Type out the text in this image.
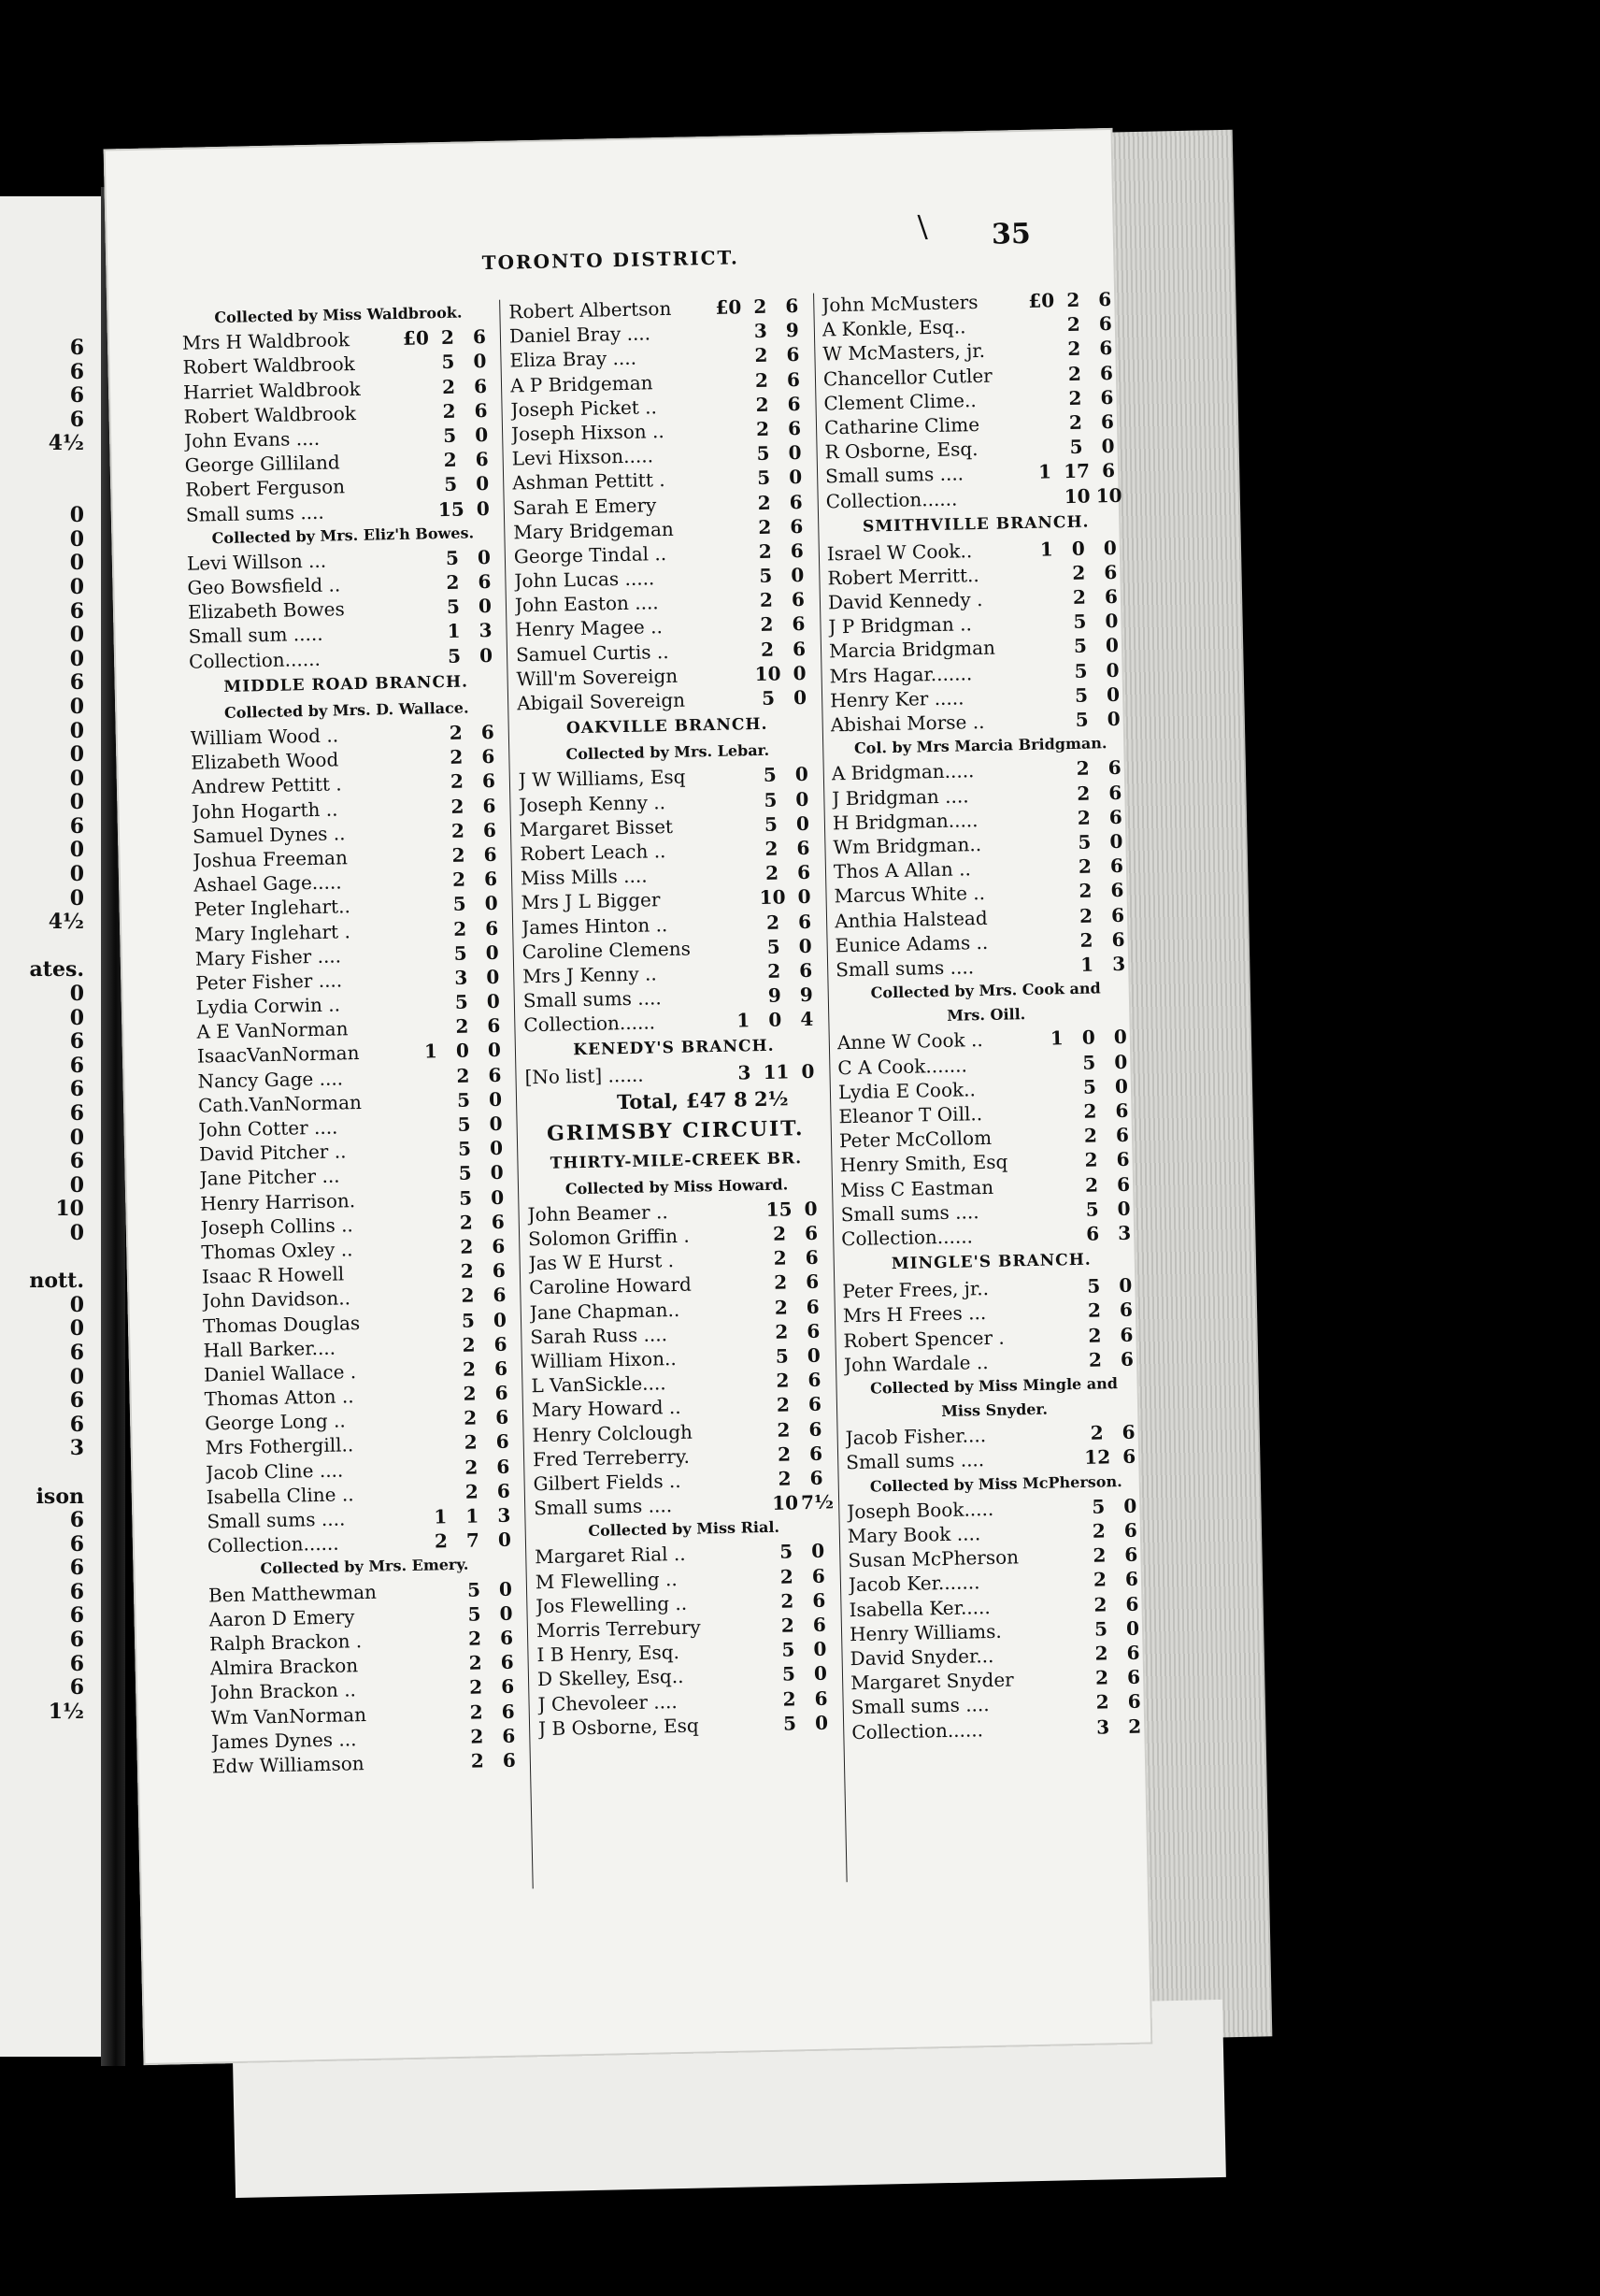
6
6
6
6
4½
0
0
0
0
6
0
0
6
0
0
0
0
0
6
0
0
0
4½
ates.
0
0
6
6
6
6
0
6
0
10
0
nott.
0
0
6
0
6
6
3
ison
6
6
6
6
6
6
6
6
1½
\ 35
TORONTO DISTRICT.
Collected by Miss Waldbrook.
Mrs H Waldbrook	£0 2 6
Robert Waldbrook	5 0
Harriet Waldbrook	2 6
Robert Waldbrook	2 6
John Evans ....	5 0
George Gilliland	2 6
Robert Ferguson	5 0
Small sums ....	15 0
Collected by Mrs. Eliz'h Bowes.
Levi Willson ...	5 0
Geo Bowsfield ..	2 6
Elizabeth Bowes	5 0
Small sum .....	1 3
Collection......	5 0
MIDDLE ROAD BRANCH.
Collected by Mrs. D. Wallace.
William Wood ..	2 6
Elizabeth Wood	2 6
Andrew Pettitt .	2 6
John Hogarth ..	2 6
Samuel Dynes ..	2 6
Joshua Freeman	2 6
Ashael Gage.....	2 6
Peter Inglehart..	5 0
Mary Inglehart .	2 6
Mary Fisher ....	5 0
Peter Fisher ....	3 0
Lydia Corwin ..	5 0
A E VanNorman	2 6
IsaacVanNorman	1 0 0
Nancy Gage ....	2 6
Cath.VanNorman	5 0
John Cotter ....	5 0
David Pitcher ..	5 0
Jane Pitcher ...	5 0
Henry Harrison.	5 0
Joseph Collins ..	2 6
Thomas Oxley ..	2 6
Isaac R Howell	2 6
John Davidson..	2 6
Thomas Douglas	5 0
Hall Barker....	2 6
Daniel Wallace .	2 6
Thomas Atton ..	2 6
George Long ..	2 6
Mrs Fothergill..	2 6
Jacob Cline ....	2 6
Isabella Cline ..	2 6
Small sums ....	1 1 3
Collection......	2 7 0
Collected by Mrs. Emery.
Ben Matthewman	5 0
Aaron D Emery	5 0
Ralph Brackon .	2 6
Almira Brackon	2 6
John Brackon ..	2 6
Wm VanNorman	2 6
James Dynes ...	2 6
Edw Williamson	2 6
Robert Albertson	£0 2 6
Daniel Bray ....	3 9
Eliza Bray ....	2 6
A P Bridgeman	2 6
Joseph Picket ..	2 6
Joseph Hixson ..	2 6
Levi Hixson.....	5 0
Ashman Pettitt .	5 0
Sarah E Emery	2 6
Mary Bridgeman	2 6
George Tindal ..	2 6
John Lucas .....	5 0
John Easton ....	2 6
Henry Magee ..	2 6
Samuel Curtis ..	2 6
Will'm Sovereign	10 0
Abigail Sovereign	5 0
OAKVILLE BRANCH.
Collected by Mrs. Lebar.
J W Williams, Esq	5 0
Joseph Kenny ..	5 0
Margaret Bisset	5 0
Robert Leach ..	2 6
Miss Mills ....	2 6
Mrs J L Bigger	10 0
James Hinton ..	2 6
Caroline Clemens	5 0
Mrs J Kenny ..	2 6
Small sums ....	9 9
Collection......	1 0 4
KENEDY'S BRANCH.
[No list] ......	3 11 0
Total, £47 8 2½
GRIMSBY CIRCUIT.
THIRTY-MILE-CREEK BR.
Collected by Miss Howard.
John Beamer ..	15 0
Solomon Griffin .	2 6
Jas W E Hurst .	2 6
Caroline Howard	2 6
Jane Chapman..	2 6
Sarah Russ ....	2 6
William Hixon..	5 0
L VanSickle....	2 6
Mary Howard ..	2 6
Henry Colclough	2 6
Fred Terreberry.	2 6
Gilbert Fields ..	2 6
Small sums ....	10 7½
Collected by Miss Rial.
Margaret Rial ..	5 0
M Flewelling ..	2 6
Jos Flewelling ..	2 6
Morris Terrebury	2 6
I B Henry, Esq.	5 0
D Skelley, Esq..	5 0
J Chevoleer ....	2 6
J B Osborne, Esq	5 0
John McMusters	£0 2 6
A Konkle, Esq..	2 6
W McMasters, jr.	2 6
Chancellor Cutler	2 6
Clement Clime..	2 6
Catharine Clime	2 6
R Osborne, Esq.	5 0
Small sums ....	1 17 6
Collection......	10 10
SMITHVILLE BRANCH.
Israel W Cook..	1 0 0
Robert Merritt..	2 6
David Kennedy .	2 6
J P Bridgman ..	5 0
Marcia Bridgman	5 0
Mrs Hagar.......	5 0
Henry Ker .....	5 0
Abishai Morse ..	5 0
Col. by Mrs Marcia Bridgman.
A Bridgman.....	2 6
J Bridgman ....	2 6
H Bridgman.....	2 6
Wm Bridgman..	5 0
Thos A Allan ..	2 6
Marcus White ..	2 6
Anthia Halstead	2 6
Eunice Adams ..	2 6
Small sums ....	1 3
Collected by Mrs. Cook and
Mrs. Oill.
Anne W Cook ..	1 0 0
C A Cook.......	5 0
Lydia E Cook..	5 0
Eleanor T Oill..	2 6
Peter McCollom	2 6
Henry Smith, Esq	2 6
Miss C Eastman	2 6
Small sums ....	5 0
Collection......	6 3
MINGLE'S BRANCH.
Peter Frees, jr..	5 0
Mrs H Frees ...	2 6
Robert Spencer .	2 6
John Wardale ..	2 6
Collected by Miss Mingle and
Miss Snyder.
Jacob Fisher....	2 6
Small sums ....	12 6
Collected by Miss McPherson.
Joseph Book.....	5 0
Mary Book ....	2 6
Susan McPherson	2 6
Jacob Ker.......	2 6
Isabella Ker.....	2 6
Henry Williams.	5 0
David Snyder...	2 6
Margaret Snyder	2 6
Small sums ....	2 6
Collection......	3 2
